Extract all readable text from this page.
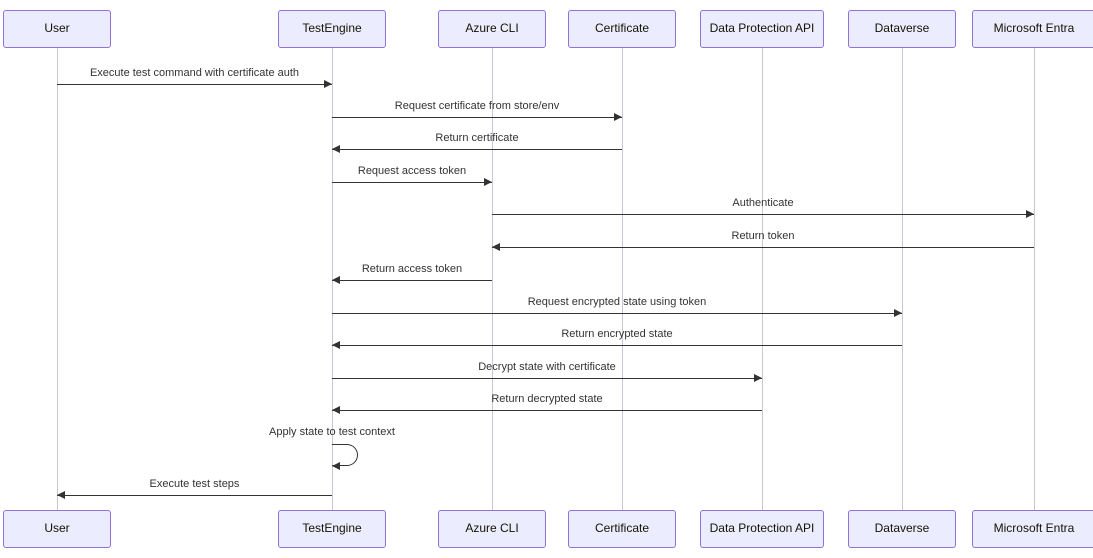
User	TestEngine	Azure CLI	Certificate	Data Protection API	Dataverse	Microsoft Entra
User	TestEngine	Azure CLI	Certificate	Data Protection API	Dataverse	Microsoft Entra
Execute test command with certificate auth
Request certificate from store/env
Return certificate
Request access token
Authenticate
Return token
Return access token
Request encrypted state using token
Return encrypted state
Decrypt state with certificate
Return decrypted state
Execute test steps
Apply state to test context
